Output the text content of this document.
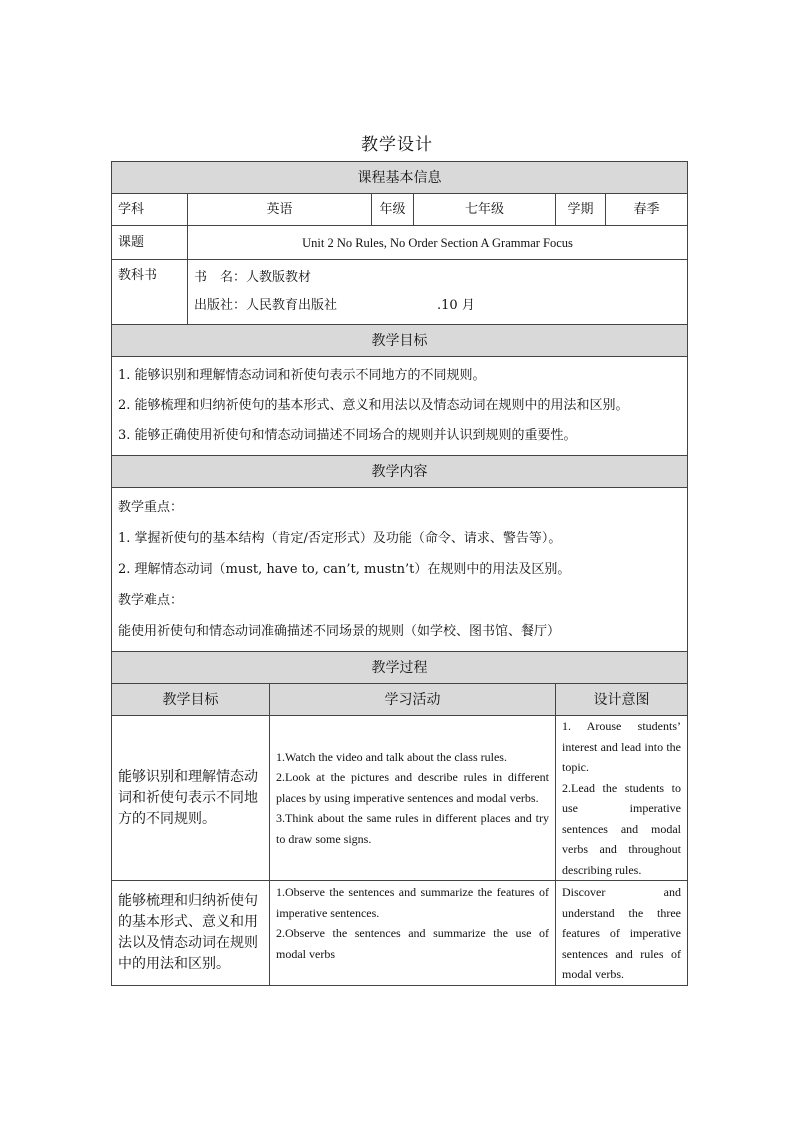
教学设计
课程基本信息						
学科	英语		年级	七年级	学期	春季
课题	Unit 2 No Rules, No Order Section A Grammar Focus					
教科书	书　名：人教版教材
出版社：人民教育出版社 .10 月					

教学目标						

1. 能够识别和理解情态动词和祈使句表示不同地方的不同规则。
2. 能够梳理和归纳祈使句的基本形式、意义和用法以及情态动词在规则中的用法和区别。
3. 能够正确使用祈使句和情态动词描述不同场合的规则并认识到规则的重要性。						

教学内容						

教学重点：
1. 掌握祈使句的基本结构（肯定/否定形式）及功能（命令、请求、警告等）。
2. 理解情态动词（must, have to, can’t, mustn’t）在规则中的用法及区别。
教学难点：
能使用祈使句和情态动词准确描述不同场景的规则（如学校、图书馆、餐厅）						

教学过程						
教学目标		学习活动			设计意图	
能够识别和理解情态动词和祈使句表示不同地方的不同规则。		1.Watch the video and talk about the class rules.
2.Look at the pictures and describe rules in different places by using imperative sentences and modal verbs.
3.Think about the same rules in different places and try to draw some signs.			1. Arouse students’ interest and lead into the topic.
2.Lead the students to use imperative sentences and modal verbs and throughout describing rules.	

能够梳理和归纳祈使句的基本形式、意义和用法以及情态动词在规则中的用法和区别。		1.Observe the sentences and summarize the features of imperative sentences.
2.Observe the sentences and summarize the use of modal verbs			Discover and understand the three features of imperative sentences and rules of modal verbs.	
